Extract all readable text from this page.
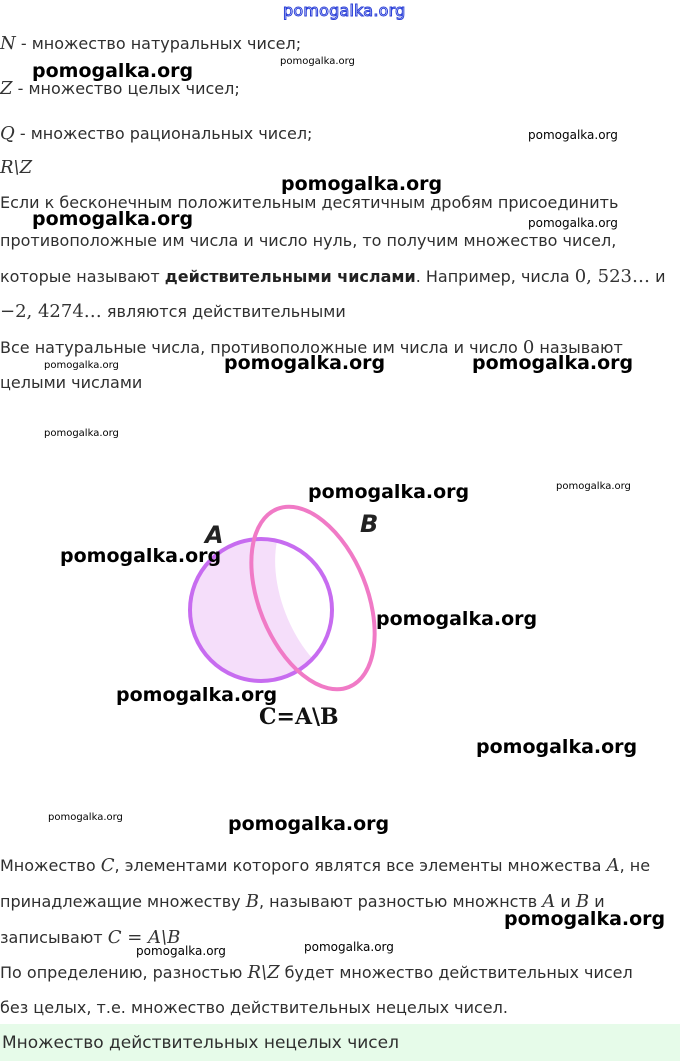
pomogalka.org
N - множество натуральных чисел;
Z - множество целых чисел;
Q - множество рациональных чисел;
R\Z
Если к бесконечным положительным десятичным дробям присоединить
противоположные им числа и число нуль, то получим множество чисел,
которые называют действительными числами. Например, числа 0, 523… и
−2, 4274… являются действительными
Все натуральные числа, противоположные им числа и число 0 называют
целыми числами
A	B
C=A\B
Множество C, элементами которого являтся все элементы множества A, не
принадлежащие множеству B, называют разностью множнств A и B и
записывают C = A\B
По определению, разностью R\Z будет множество действительных чисел
без целых, т.е. множество действительных нецелых чисел.
pomogalka.org	pomogalka.org
pomogalka.org
pomogalka.org
pomogalka.org	pomogalka.org
pomogalka.org	pomogalka.org	pomogalka.org
pomogalka.org
pomogalka.org	pomogalka.org
pomogalka.org
pomogalka.org
pomogalka.org
pomogalka.org
pomogalka.org	pomogalka.org
pomogalka.org
pomogalka.org	pomogalka.org
Множество действительных нецелых чисел
